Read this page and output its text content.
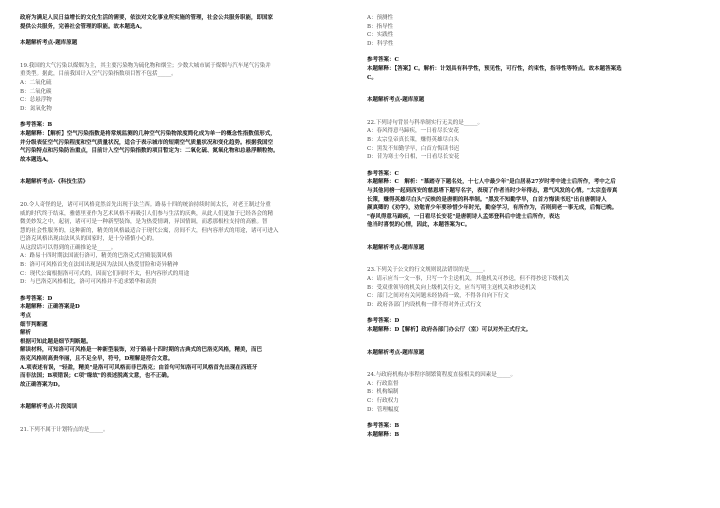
政府为满足人民日益增长的文化生活的需要，依法对文化事业所实施的管理，社会公共服务职能，即国家
提供公共服务，完善社会管理的职能。故本题选A。
本题解析考点-题库原题
19.我国的大气污染以煤烟为主，其主要污染物为硫化物和烟尘；少数大城市属于煤烟与汽车尾气污染并
重类型。据此，目前我国计入空气污染指数项目暂不包括_____。
A：二氧化硫
B：二氧化碳
C：总悬浮物
D：氮氧化物
参考答案：B
本题解释：【解析】空气污染指数是将常规监测的几种空气污染物浓度简化成为单一的概念性指数值形式，
并分级表征空气污染程度和空气质量状况，适合于表示城市的短期空气质量状况和变化趋势。根据我国空
气污染特点和污染防治重点，目前计入空气污染指数的项目暂定为：二氧化硫、氮氧化物和总悬浮颗粒物。
故本题选A。
本题解析考点-《科技生活》
20.令人奇怪的是，诸可可风格竟然首先出现于法兰西。路易十四的统治持续时间太长，对老王制过分重
威的时代终于结束，雅德里亚作为艺术风格不再吸引人们参与生活的庆典，从此人们更加于已经各会的精
微美妙发之中，起初，诸可可是一种新型装饰，是为热爱情调，异国情调，而悉那根柱支持的高雅。智
慧的社会性服务的，这种新的，精美的风格最适合于现代公寓，房间不大，但内容形式的用途，诸可可进入
巴洛克风格出现由法风头的国家时，是十分谨慎小心的。
从这段话可以得到的正确推论是_____。
A：路易十四时期法国流行洛可，精美的巴洛克式宫殿装潢风格
B：洛可可风格首先在法国出现是因为法国人热爱冒险和奇异精神
C：现代公寓根据洛可可式的，因而它们同时不太，但内容形式的用途
D：与巴洛克风格相比，洛可可风格并不追求繁华和高贵
参考答案：D
本题解释：正确答案是D
考点
细节判断题
解析
根据可知此题是细节判断题。
解读材料，可知洛可可风格是一种新型装饰，对于路易十四时期的古典式的巴洛克风格，精美，而巴
洛克风格则高贵华丽，且不足全早，符号，D理解是符合文意。
A.项表述有误，"轻盈，精美"是洛可可风格而非巴洛克；由首句可知洛可可风格首先出现在西班牙
而非法国；B项错误；C项"缘故"的表述脱离文意，也不正确。
故正确答案为D。
本题解析考点-片段阅读
21.下列不属于计划特点的是_____。
A：预测性
B：指导性
C：实践性
D：科学性
参考答案：C
本题解释：【答案】C。解析：计划具有科学性，预见性，可行性，约束性，指导性等特点。故本题答案选
C。
本题解析考点-题库原题
22.下列诗句背景与科举制实行无关的是_____。
A：春风得意马蹄疾，一日看尽长安花
B：太宗皇帝真长策，赚得英雄尽白头
C：黑发不知勤学早，白首方悔读书迟
D：昔为寒士今日相，一日看尽长安花
参考答案：C
本题解释：C　解析："慕踏寺下题名处，十七人中最少年"是白居易27岁时考中进士后所作，考中之后
与其他同榜一起到西安的慈恩塔下题写名字，表现了作者当时少年得志，意气风发的心情。"太宗皇帝真
长策，赚得英雄尽白头"反映的是唐朝的科举制。"黑发不知勤学早，白首方悔读书迟"出自唐朝诗人
颜真卿的《劝学》，劝勉青少年要珍惜少年时光，勤奋学习，有所作为，否则到老一事无成，后悔已晚。
"春风得意马蹄疾，一日看尽长安花"是唐朝诗人孟郊登科后中进士后所作，表达
他当时喜悦的心情，因此，本题答案为C。
本题解析考点-题库原题
23.下列关于公文的行文规则说法错误的是_____。
A：请示应当一文一事，只写一个主送机关，其他机关可抄送，但不得抄送下级机关
B：受双重领导的机关向上级机关行文，应当写明主送机关和抄送机关
C：部门之间对有关问题未经协商一致，不得各自向下行文
D：政府各部门内设机构一律不得对外正式行文
参考答案：D
本题解释：D【解析】政府各部门办公厅（室）可以对外正式行文。
本题解析考点-题库原题
24.与政府机构办事程序制繁简程度直接相关的因素是_____。
A：行政监督
B：机构编制
C：行政权力
D：管理幅度
参考答案：B
本题解释：B
